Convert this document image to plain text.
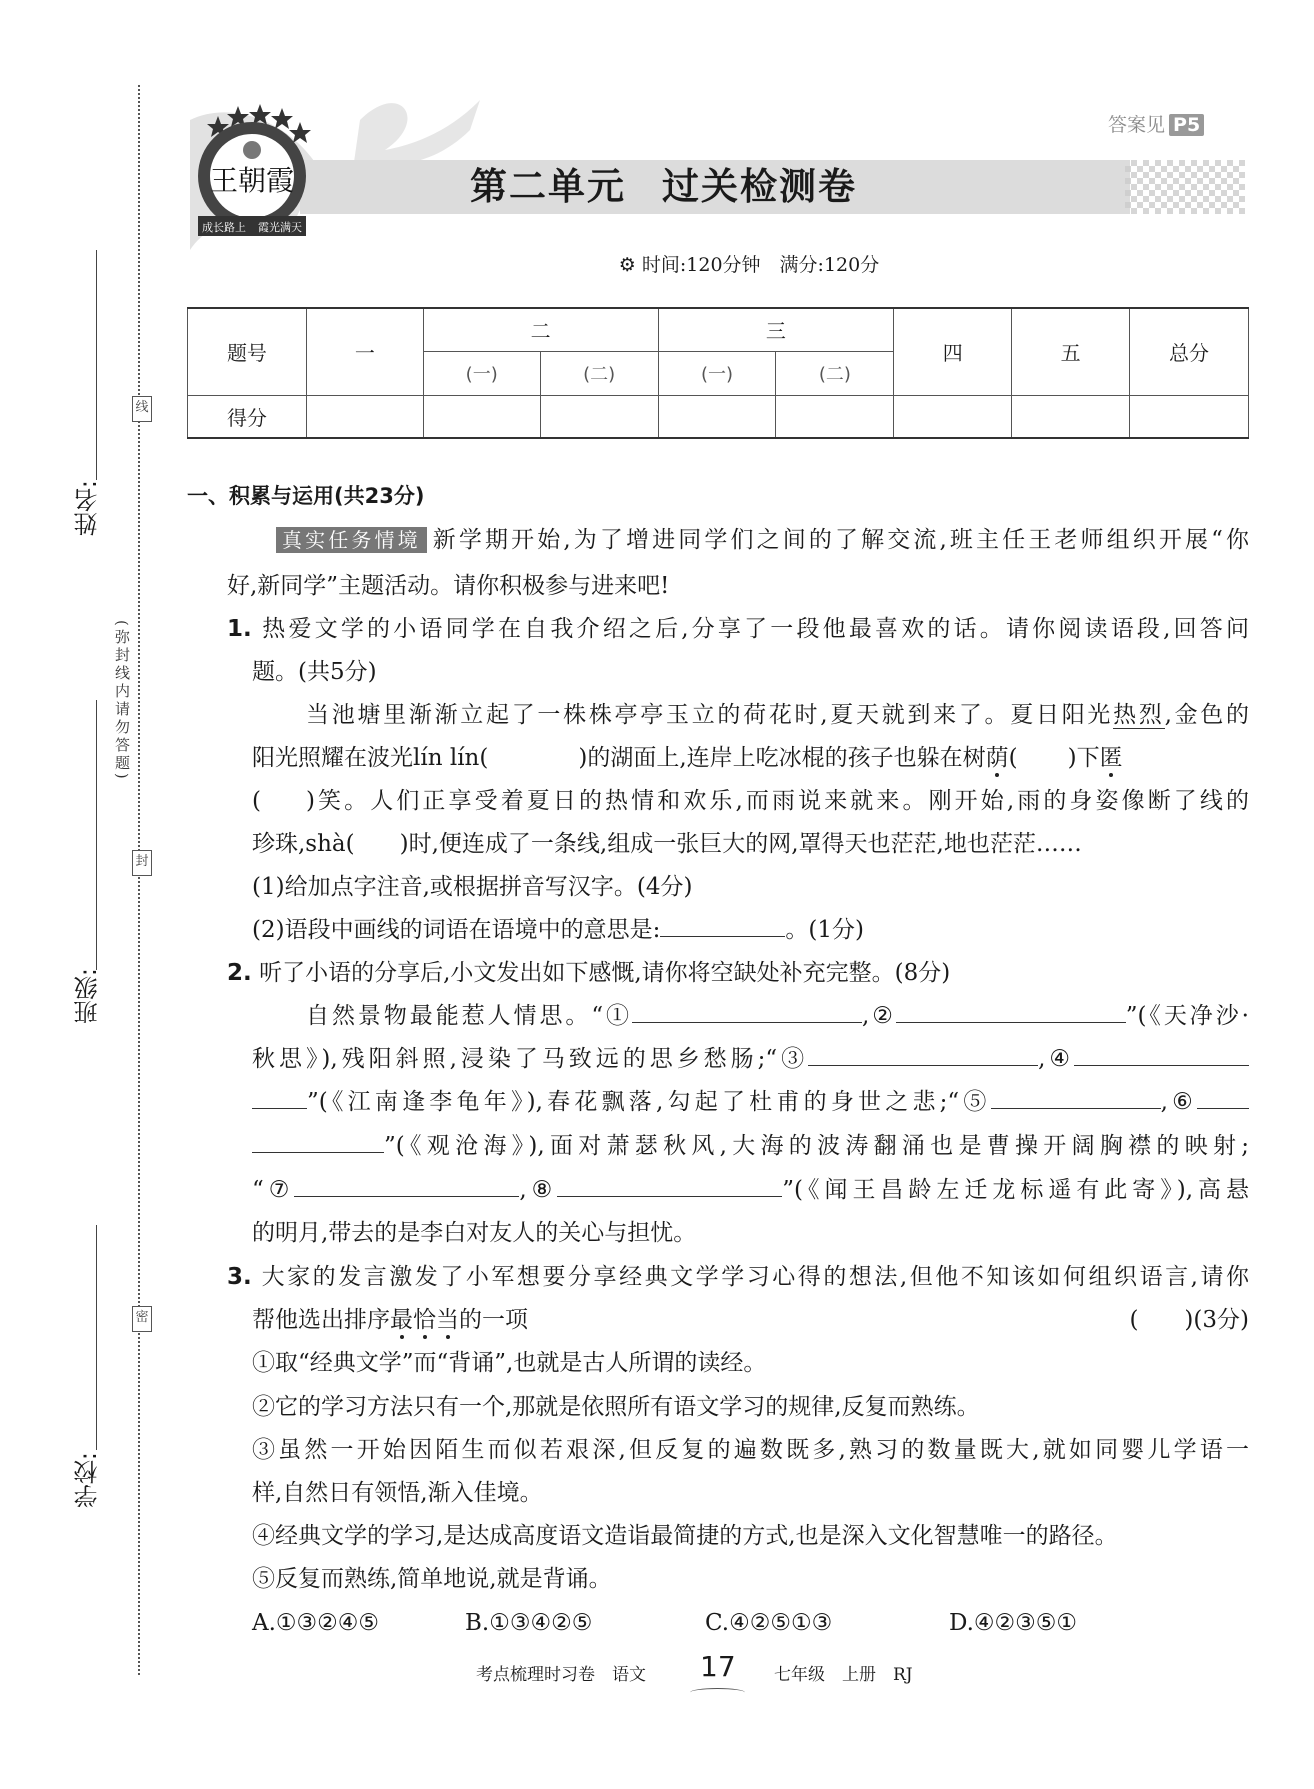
姓名:
班级:
学校:
线
封
密
(弥封线内请勿答题)
王朝霞
成长路上 霞光满天
答案见 P5
第二单元 过关检测卷
⚙ 时间:120分钟　满分:120分
题号	一	二		三		四	五	总分
		(一)	(二)	(一)	(二)			
得分								
一、积累与运用(共23分)
真实任务情境 新学期开始,为了增进同学们之间的了解交流,班主任王老师组织开展“你
好,新同学”主题活动。请你积极参与进来吧!
1. 热爱文学的小语同学在自我介绍之后,分享了一段他最喜欢的话。请你阅读语段,回答问
题。(共5分)
当池塘里渐渐立起了一株株亭亭玉立的荷花时,夏天就到来了。夏日阳光热烈,金色的
阳光照耀在波光lín lín(	)的湖面上,连岸上吃冰棍的孩子也躲在树荫( )下匿
( )笑。人们正享受着夏日的热情和欢乐,而雨说来就来。刚开始,雨的身姿像断了线的
珍珠,shà( )时,便连成了一条线,组成一张巨大的网,罩得天也茫茫,地也茫茫……
(1)给加点字注音,或根据拼音写汉字。(4分)
(2)语段中画线的词语在语境中的意思是:	。(1分)
2. 听了小语的分享后,小文发出如下感慨,请你将空缺处补充完整。(8分)
自然景物最能惹人情思。“①	,②	”(《天净沙·
秋思》),残阳斜照,浸染了马致远的思乡愁肠;“③	,④
”(《江南逢李龟年》),春花飘落,勾起了杜甫的身世之悲;“⑤	,⑥
”(《观沧海》),面对萧瑟秋风,大海的波涛翻涌也是曹操开阔胸襟的映射;
“⑦	,⑧	”(《闻王昌龄左迁龙标遥有此寄》),高悬
的明月,带去的是李白对友人的关心与担忧。
3. 大家的发言激发了小军想要分享经典文学学习心得的想法,但他不知该如何组织语言,请你
帮他选出排序最恰当的一项	(　　)(3分)
①取“经典文学”而“背诵”,也就是古人所谓的读经。
②它的学习方法只有一个,那就是依照所有语文学习的规律,反复而熟练。
③虽然一开始因陌生而似若艰深,但反复的遍数既多,熟习的数量既大,就如同婴儿学语一
样,自然日有领悟,渐入佳境。
④经典文学的学习,是达成高度语文造诣最简捷的方式,也是深入文化智慧唯一的路径。
⑤反复而熟练,简单地说,就是背诵。
A.①③②④⑤	B.①③④②⑤	C.④②⑤①③	D.④②③⑤①
考点梳理时习卷　语文 17 七年级　上册　RJ
